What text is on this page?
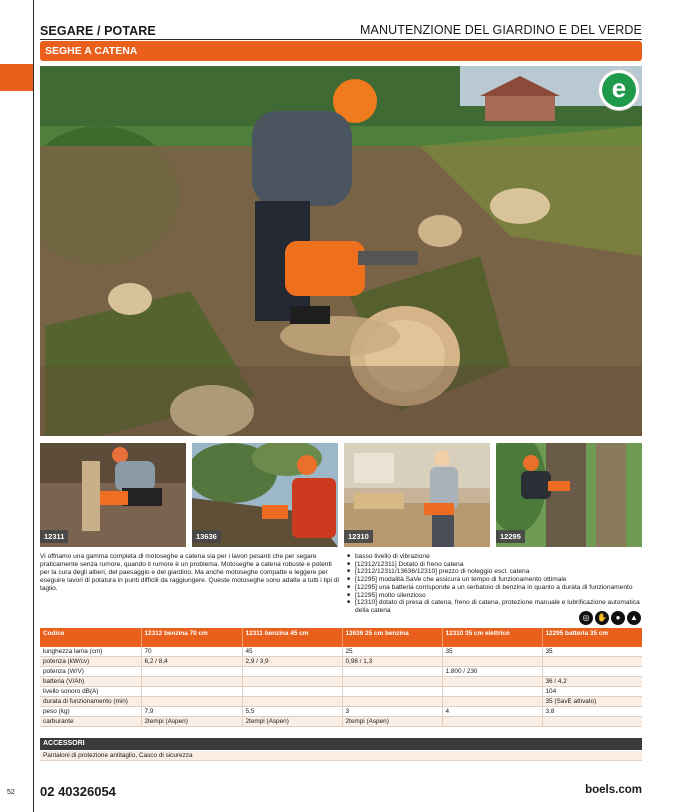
SEGARE / POTARE	MANUTENZIONE DEL GIARDINO E DEL VERDE
SEGHE A CATENA
e
12311	13636	12310	12295
Vi offriamo una gamma completa di motoseghe a catena sia per i lavori pesanti che per segare praticamente senza rumore, quando il rumore è un problema. Motoseghe a catena robuste e potenti per la cura degli alberi, del paesaggio e del giardino. Ma anche motoseghe compatte e leggere per eseguire lavori di potatura in punti difficili da raggiungere. Queste motoseghe sono adatte a tutti i tipi di taglio.
■ basso livello di vibrazione
■ [12312/12311] Dotato di freno catena
■ [12312/12311/13636/12310] prezzo di noleggio escl. catena
■ [12295] modalità SaVe che assicura un tempo di funzionamento ottimale
■ [12295] una batteria corrisponde a un serbatoio di benzina in quanto a durata di funzionamento
■ [12295] molto silenzioso
■ [12310] dotato di presa di catena, freno di catena, protezione manuale e lubrificazione automatica della catena
◎ ✋	●	▲
Codice	12312 benzina 70 cm	12311 benzina 45 cm	13636 25 cm benzina	12310 35 cm elettrico	12295 batteria 35 cm
lunghezza lama (cm)	70	45	25	35	35
potenza (kW/cv)	6,2 / 8,4	2,9 / 3,9	0,98 / 1,3		
potenza (W/V)				1.800 / 230	
batteria (V/Ah)					36 / 4,2
livello sonoro dB(A)					104
durata di funzionamento (min)					35 (SavE attivato)
peso (kg)	7,9	5,5	3	4	3,8
carburante	2tempi (Aspen)	2tempi (Aspen)	2tempi (Aspen)		
ACCESSORI
Pantaloni di protezione antitaglio, Casco di sicurezza
52 02 40326054	boels.com
